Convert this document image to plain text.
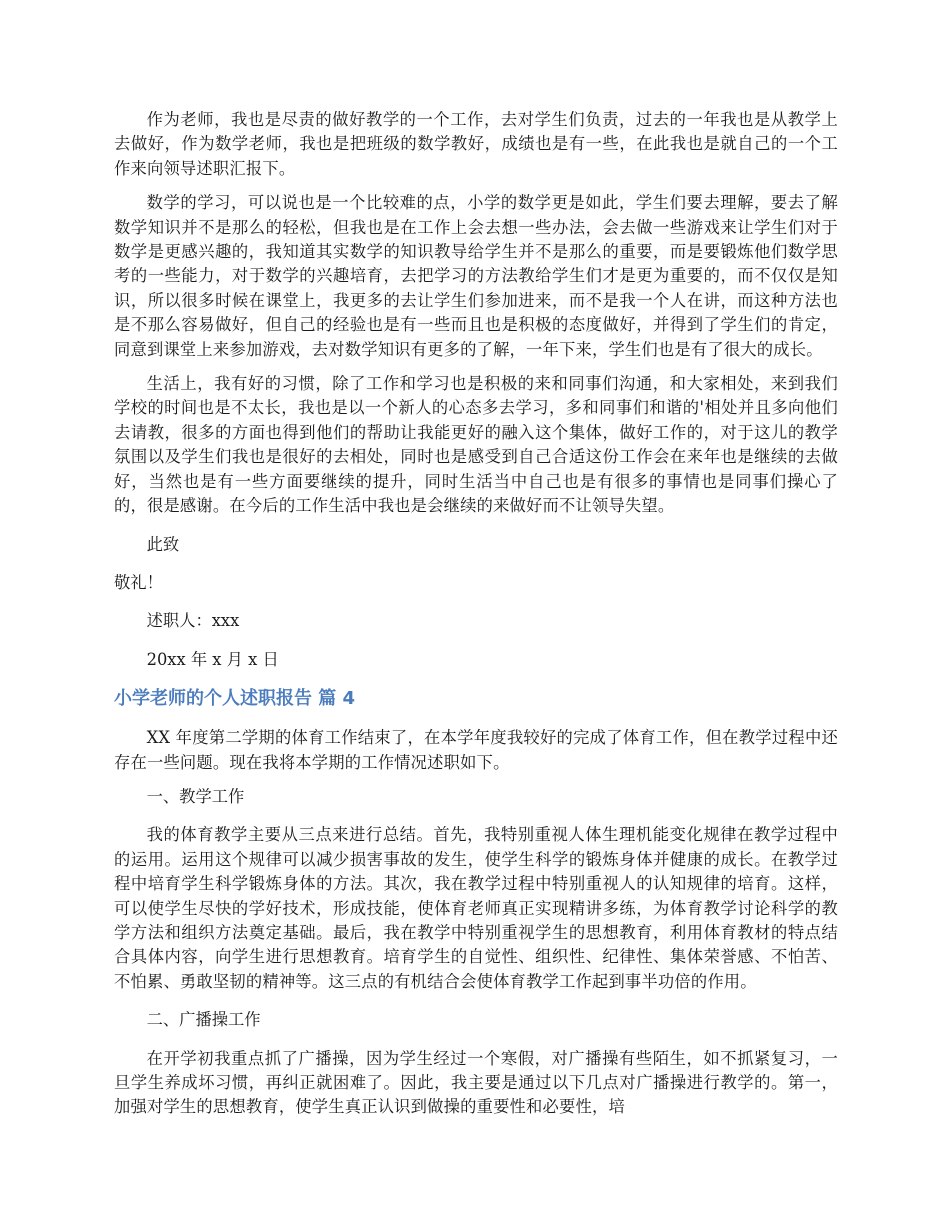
作为老师，我也是尽责的做好教学的一个工作，去对学生们负责，过去的一年我也是从教学上去做好，作为数学老师，我也是把班级的数学教好，成绩也是有一些，在此我也是就自己的一个工作来向领导述职汇报下。

数学的学习，可以说也是一个比较难的点，小学的数学更是如此，学生们要去理解，要去了解数学知识并不是那么的轻松，但我也是在工作上会去想一些办法，会去做一些游戏来让学生们对于数学是更感兴趣的，我知道其实数学的知识教导给学生并不是那么的重要，而是要锻炼他们数学思考的一些能力，对于数学的兴趣培育，去把学习的方法教给学生们才是更为重要的，而不仅仅是知识，所以很多时候在课堂上，我更多的去让学生们参加进来，而不是我一个人在讲，而这种方法也是不那么容易做好，但自己的经验也是有一些而且也是积极的态度做好，并得到了学生们的肯定，同意到课堂上来参加游戏，去对数学知识有更多的了解，一年下来，学生们也是有了很大的成长。

生活上，我有好的习惯，除了工作和学习也是积极的来和同事们沟通，和大家相处，来到我们学校的时间也是不太长，我也是以一个新人的心态多去学习，多和同事们和谐的'相处并且多向他们去请教，很多的方面也得到他们的帮助让我能更好的融入这个集体，做好工作的，对于这儿的教学氛围以及学生们我也是很好的去相处，同时也是感受到自己合适这份工作会在来年也是继续的去做好，当然也是有一些方面要继续的提升，同时生活当中自己也是有很多的事情也是同事们操心了的，很是感谢。在今后的工作生活中我也是会继续的来做好而不让领导失望。

此致

敬礼！

述职人：xxx

20xx 年 x 月 x 日

小学老师的个人述职报告 篇 4

XX 年度第二学期的体育工作结束了，在本学年度我较好的完成了体育工作，但在教学过程中还存在一些问题。现在我将本学期的工作情况述职如下。

一、教学工作

我的体育教学主要从三点来进行总结。首先，我特别重视人体生理机能变化规律在教学过程中的运用。运用这个规律可以减少损害事故的发生，使学生科学的锻炼身体并健康的成长。在教学过程中培育学生科学锻炼身体的方法。其次，我在教学过程中特别重视人的认知规律的培育。这样，可以使学生尽快的学好技术，形成技能，使体育老师真正实现精讲多练，为体育教学讨论科学的教学方法和组织方法奠定基础。最后，我在教学中特别重视学生的思想教育，利用体育教材的特点结合具体内容，向学生进行思想教育。培育学生的自觉性、组织性、纪律性、集体荣誉感、不怕苦、不怕累、勇敢坚韧的精神等。这三点的有机结合会使体育教学工作起到事半功倍的作用。

二、广播操工作

在开学初我重点抓了广播操，因为学生经过一个寒假，对广播操有些陌生，如不抓紧复习，一旦学生养成坏习惯，再纠正就困难了。因此，我主要是通过以下几点对广播操进行教学的。第一，加强对学生的思想教育，使学生真正认识到做操的重要性和必要性，培
